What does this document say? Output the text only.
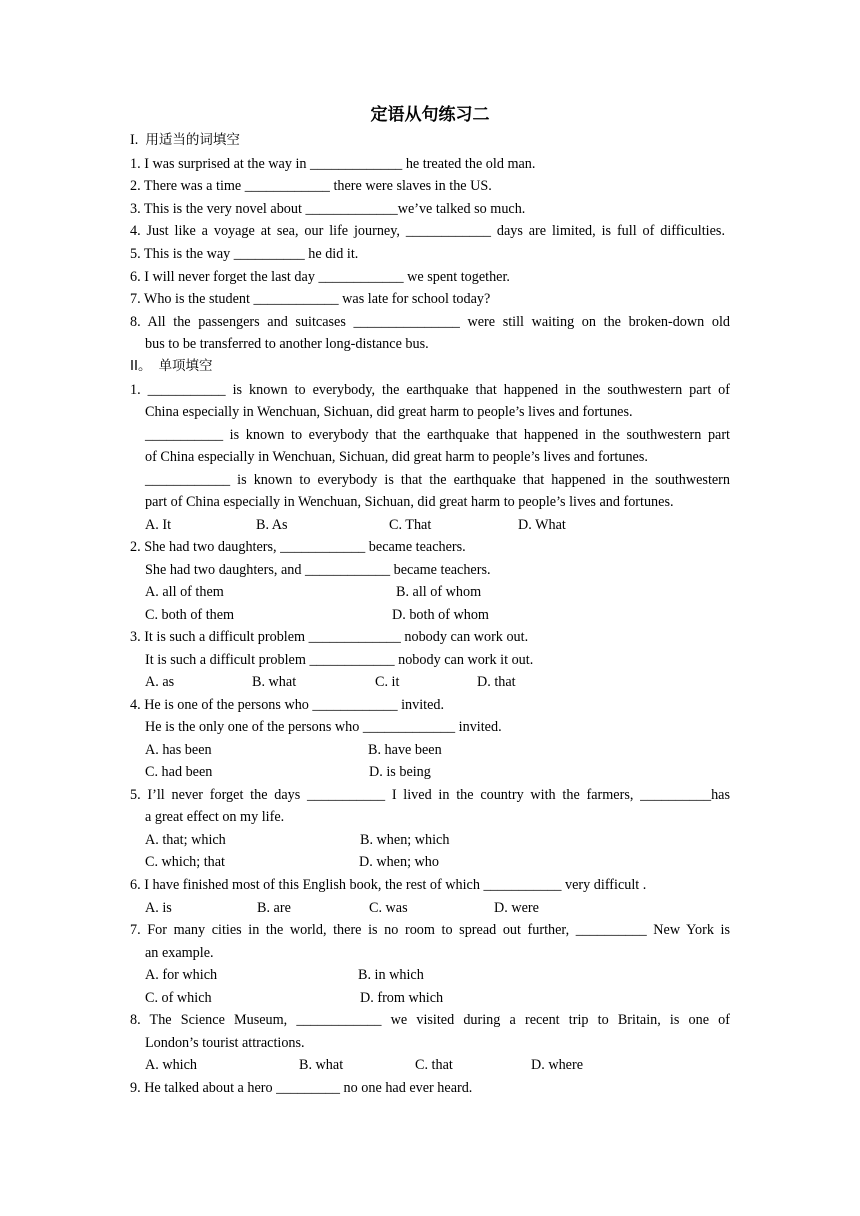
定语从句练习二
I. 用适当的词填空
1. I was surprised at the way in _____________ he treated the old man.
2. There was a time ____________ there were slaves in the US.
3. This is the very novel about _____________we’ve talked so much.
4. Just like a voyage at sea, our life journey, ____________ days are limited, is full of difficulties.
5. This is the way __________ he did it.
6. I will never forget the last day ____________ we spent together.
7. Who is the student ____________ was late for school today?
8. All the passengers and suitcases _______________ were still waiting on the broken-down old
bus to be transferred to another long-distance bus.
II。 单项填空
1. ___________ is known to everybody, the earthquake that happened in the southwestern part of
China especially in Wenchuan, Sichuan, did great harm to people’s lives and fortunes.
___________ is known to everybody that the earthquake that happened in the southwestern part
of China especially in Wenchuan, Sichuan, did great harm to people’s lives and fortunes.
____________ is known to everybody is that the earthquake that happened in the southwestern
part of China especially in Wenchuan, Sichuan, did great harm to people’s lives and fortunes.
A. It	B. As	C. That	D. What
2. She had two daughters, ____________ became teachers.
She had two daughters, and ____________ became teachers.
A. all of them	B. all of whom
C. both of them	D. both of whom
3. It is such a difficult problem _____________ nobody can work out.
It is such a difficult problem ____________ nobody can work it out.
A. as	B. what	C. it	D. that
4. He is one of the persons who ____________ invited.
He is the only one of the persons who _____________ invited.
A. has been	B. have been
C. had been	D. is being
5. I’ll never forget the days ___________ I lived in the country with the farmers, __________has
a great effect on my life.
A. that; which	B. when; which
C. which; that	D. when; who
6. I have finished most of this English book, the rest of which ___________ very difficult .
A. is	B. are	C. was	D. were
7. For many cities in the world, there is no room to spread out further, __________ New York is
an example.
A. for which	B. in which
C. of which	D. from which
8. The Science Museum, ____________ we visited during a recent trip to Britain, is one of
London’s tourist attractions.
A. which	B. what	C. that	D. where
9. He talked about a hero _________ no one had ever heard.
